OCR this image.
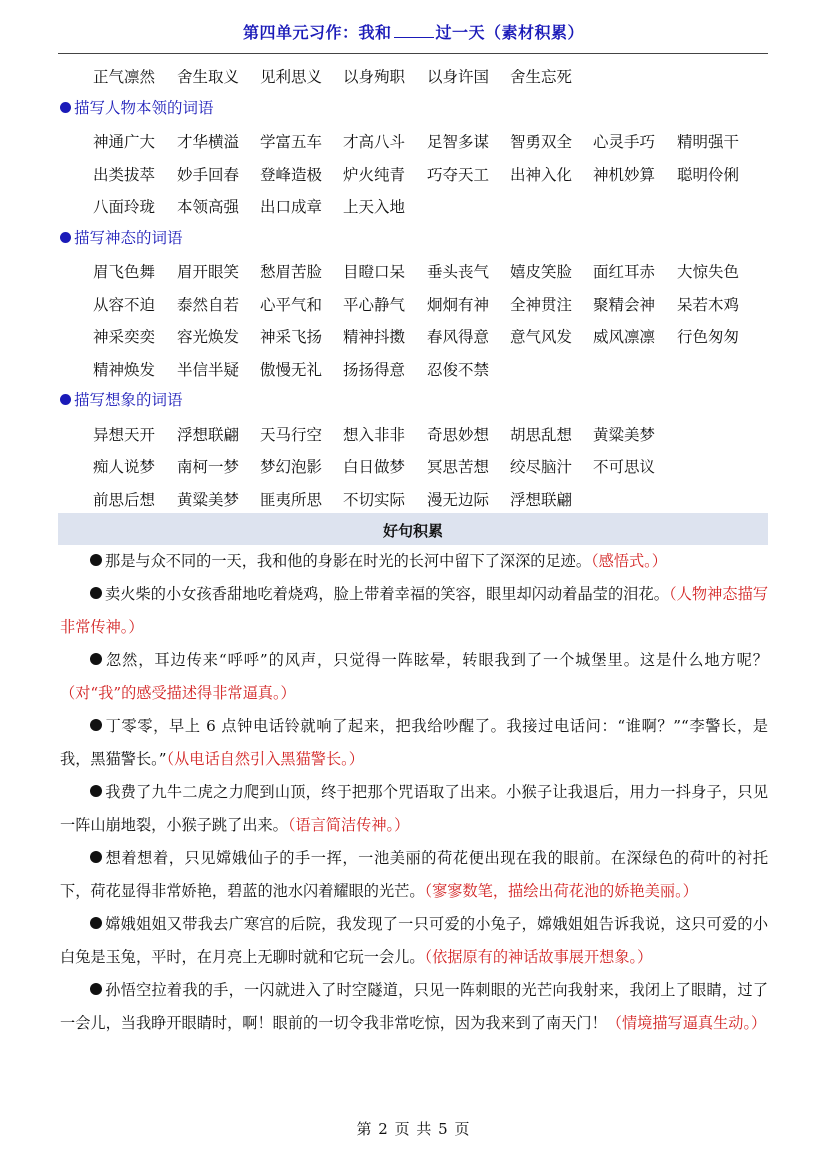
第四单元习作：我和	过一天（素材积累）
正气凛然 舍生取义 见利思义 以身殉职 以身许国 舍生忘死
描写人物本领的词语
神通广大 才华横溢 学富五车 才高八斗 足智多谋 智勇双全 心灵手巧 精明强干
出类拔萃 妙手回春 登峰造极 炉火纯青 巧夺天工 出神入化 神机妙算 聪明伶俐
八面玲珑 本领高强 出口成章 上天入地
描写神态的词语
眉飞色舞 眉开眼笑 愁眉苦脸 目瞪口呆 垂头丧气 嬉皮笑脸 面红耳赤 大惊失色
从容不迫 泰然自若 心平气和 平心静气 炯炯有神 全神贯注 聚精会神 呆若木鸡
神采奕奕 容光焕发 神采飞扬 精神抖擞 春风得意 意气风发 威风凛凛 行色匆匆
精神焕发 半信半疑 傲慢无礼 扬扬得意 忍俊不禁
描写想象的词语
异想天开 浮想联翩 天马行空 想入非非 奇思妙想 胡思乱想 黄粱美梦
痴人说梦 南柯一梦 梦幻泡影 白日做梦 冥思苦想 绞尽脑汁 不可思议
前思后想 黄粱美梦 匪夷所思 不切实际 漫无边际 浮想联翩
好句积累
那是与众不同的一天，我和他的身影在时光的长河中留下了深深的足迹。（感悟式。）
卖火柴的小女孩香甜地吃着烧鸡，脸上带着幸福的笑容，眼里却闪动着晶莹的泪花。（人物神态描写非常传神。）
忽然，耳边传来“呼呼”的风声，只觉得一阵眩晕，转眼我到了一个城堡里。这是什么地方呢？（对“我”的感受描述得非常逼真。）
丁零零，早上 6 点钟电话铃就响了起来，把我给吵醒了。我接过电话问：“谁啊？”“李警长，是我，黑猫警长。”（从电话自然引入黑猫警长。）
我费了九牛二虎之力爬到山顶，终于把那个咒语取了出来。小猴子让我退后，用力一抖身子，只见一阵山崩地裂，小猴子跳了出来。（语言简洁传神。）
想着想着，只见嫦娥仙子的手一挥，一池美丽的荷花便出现在我的眼前。在深绿色的荷叶的衬托下，荷花显得非常娇艳，碧蓝的池水闪着耀眼的光芒。（寥寥数笔，描绘出荷花池的娇艳美丽。）
嫦娥姐姐又带我去广寒宫的后院，我发现了一只可爱的小兔子，嫦娥姐姐告诉我说，这只可爱的小白兔是玉兔，平时，在月亮上无聊时就和它玩一会儿。（依据原有的神话故事展开想象。）
孙悟空拉着我的手，一闪就进入了时空隧道，只见一阵刺眼的光芒向我射来，我闭上了眼睛，过了一会儿，当我睁开眼睛时，啊！眼前的一切令我非常吃惊，因为我来到了南天门！（情境描写逼真生动。）
第 2 页 共 5 页
